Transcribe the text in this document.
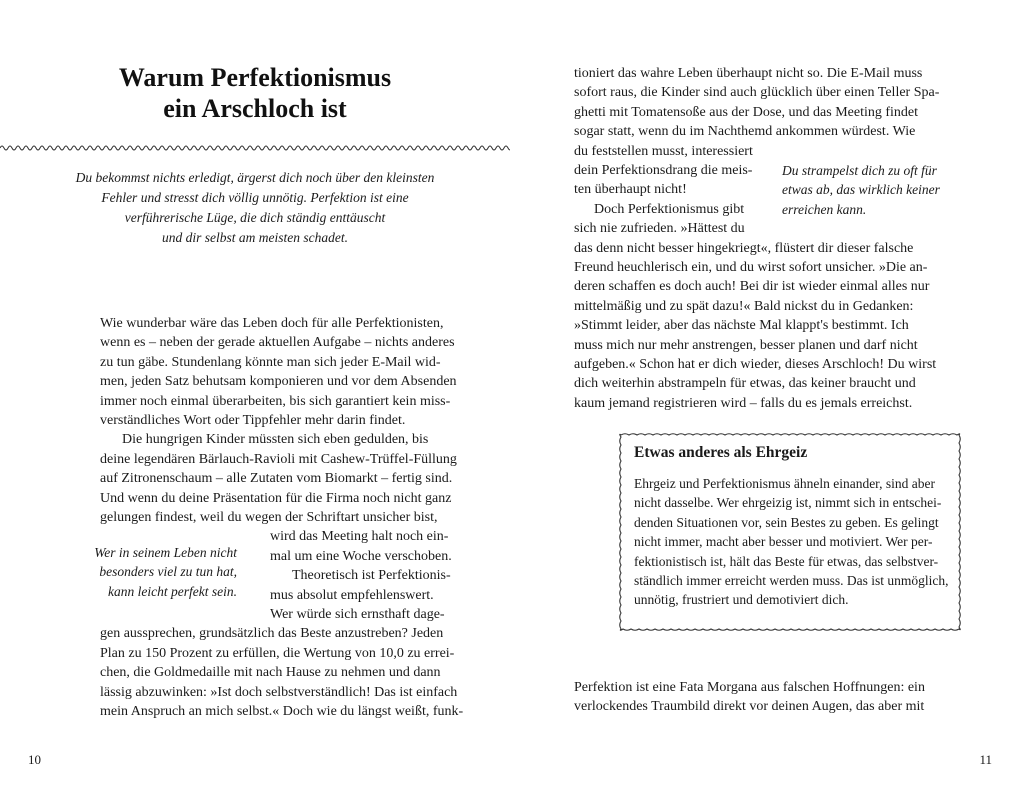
Warum Perfektionismus
ein Arschloch ist
Du bekommst nichts erledigt, ärgerst dich noch über den kleinsten
Fehler und stresst dich völlig unnötig. Perfektion ist eine
verführerische Lüge, die dich ständig enttäuscht
und dir selbst am meisten schadet.
Wie wunderbar wäre das Leben doch für alle Perfektionisten,
wenn es – neben der gerade aktuellen Aufgabe – nichts anderes
zu tun gäbe. Stundenlang könnte man sich jeder E-Mail wid-
men, jeden Satz behutsam komponieren und vor dem Absenden
immer noch einmal überarbeiten, bis sich garantiert kein miss-
verständliches Wort oder Tippfehler mehr darin findet.
Die hungrigen Kinder müssten sich eben gedulden, bis
deine legendären Bärlauch-Ravioli mit Cashew-Trüffel-Füllung
auf Zitronenschaum – alle Zutaten vom Biomarkt – fertig sind.
Und wenn du deine Präsentation für die Firma noch nicht ganz
gelungen findest, weil du wegen der Schriftart unsicher bist,
wird das Meeting halt noch ein-
mal um eine Woche verschoben.
Theoretisch ist Perfektionis-
mus absolut empfehlenswert.
Wer würde sich ernsthaft dage-
gen aussprechen, grundsätzlich das Beste anzustreben? Jeden
Plan zu 150 Prozent zu erfüllen, die Wertung von 10,0 zu errei-
chen, die Goldmedaille mit nach Hause zu nehmen und dann
lässig abzuwinken: »Ist doch selbstverständlich! Das ist einfach
mein Anspruch an mich selbst.« Doch wie du längst weißt, funk-
Wer in seinem Leben nicht
besonders viel zu tun hat,
kann leicht perfekt sein.
10
tioniert das wahre Leben überhaupt nicht so. Die E-Mail muss
sofort raus, die Kinder sind auch glücklich über einen Teller Spa-
ghetti mit Tomatensoße aus der Dose, und das Meeting findet
sogar statt, wenn du im Nachthemd ankommen würdest. Wie
du feststellen musst, interessiert
dein Perfektionsdrang die meis-
ten überhaupt nicht!
Doch Perfektionismus gibt
sich nie zufrieden. »Hättest du
das denn nicht besser hingekriegt«, flüstert dir dieser falsche
Freund heuchlerisch ein, und du wirst sofort unsicher. »Die an-
deren schaffen es doch auch! Bei dir ist wieder einmal alles nur
mittelmäßig und zu spät dazu!« Bald nickst du in Gedanken:
»Stimmt leider, aber das nächste Mal klappt's bestimmt. Ich
muss mich nur mehr anstrengen, besser planen und darf nicht
aufgeben.« Schon hat er dich wieder, dieses Arschloch! Du wirst
dich weiterhin abstrampeln für etwas, das keiner braucht und
kaum jemand registrieren wird – falls du es jemals erreichst.
Du strampelst dich zu oft für
etwas ab, das wirklich keiner
erreichen kann.
Etwas anderes als Ehrgeiz
Ehrgeiz und Perfektionismus ähneln einander, sind aber
nicht dasselbe. Wer ehrgeizig ist, nimmt sich in entschei-
denden Situationen vor, sein Bestes zu geben. Es gelingt
nicht immer, macht aber besser und motiviert. Wer per-
fektionistisch ist, hält das Beste für etwas, das selbstver-
ständlich immer erreicht werden muss. Das ist unmöglich,
unnötig, frustriert und demotiviert dich.
Perfektion ist eine Fata Morgana aus falschen Hoffnungen: ein
verlockendes Traumbild direkt vor deinen Augen, das aber mit
11
